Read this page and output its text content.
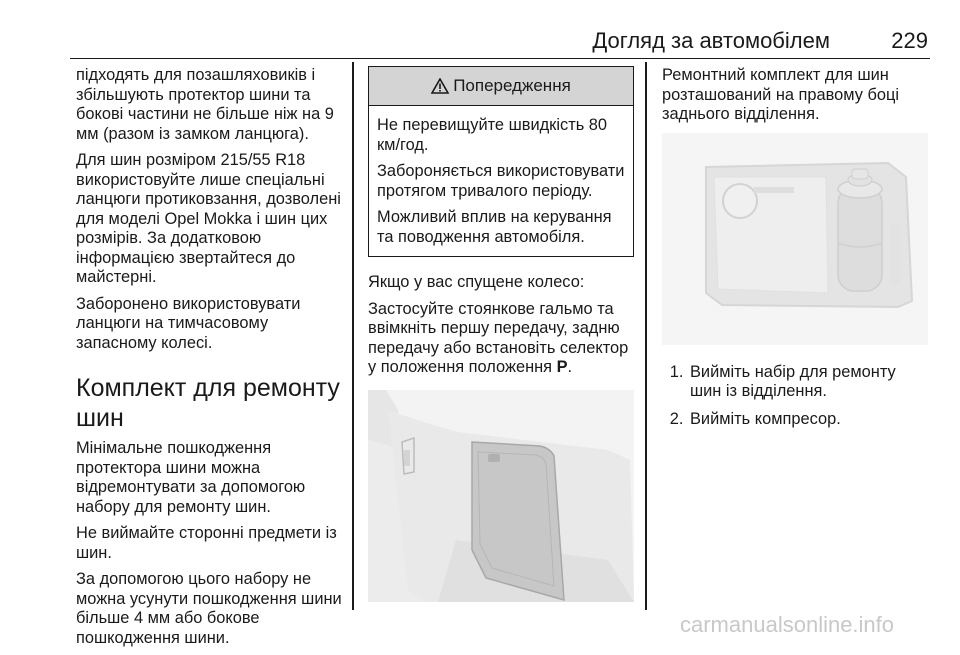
Догляд за автомобілем	229

підходять для позашляховиків і збільшують протектор шини та бокові частини не більше ніж на 9 мм (разом із замком ланцюга).

Для шин розміром 215/55 R18 використовуйте лише спеціальні ланцюги протиковзання, дозволені для моделі Opel Mokka і шин цих розмірів. За додатковою інформацією звертайтеся до майстерні.

Заборонено використовувати ланцюги на тимчасовому запасному колесі.

Комплект для ремонту шин

Мінімальне пошкодження протектора шини можна відремонтувати за допомогою набору для ремонту шин.

Не виймайте сторонні предмети із шин.

За допомогою цього набору не можна усунути пошкодження шини більше 4 мм або бокове пошкодження шини.

Попередження

Не перевищуйте швидкість 80 км/год.

Забороняється використовувати протягом тривалого періоду.

Можливий вплив на керування та поводження автомобіля.

Якщо у вас спущене колесо:

Застосуйте стоянкове гальмо та ввімкніть першу передачу, задню передачу або встановіть селектор у положення положення P.

Ремонтний комплект для шин розташований на правому боці заднього відділення.

1. Вийміть набір для ремонту шин із відділення.
2. Вийміть компресор.
carmanualsonline.info
